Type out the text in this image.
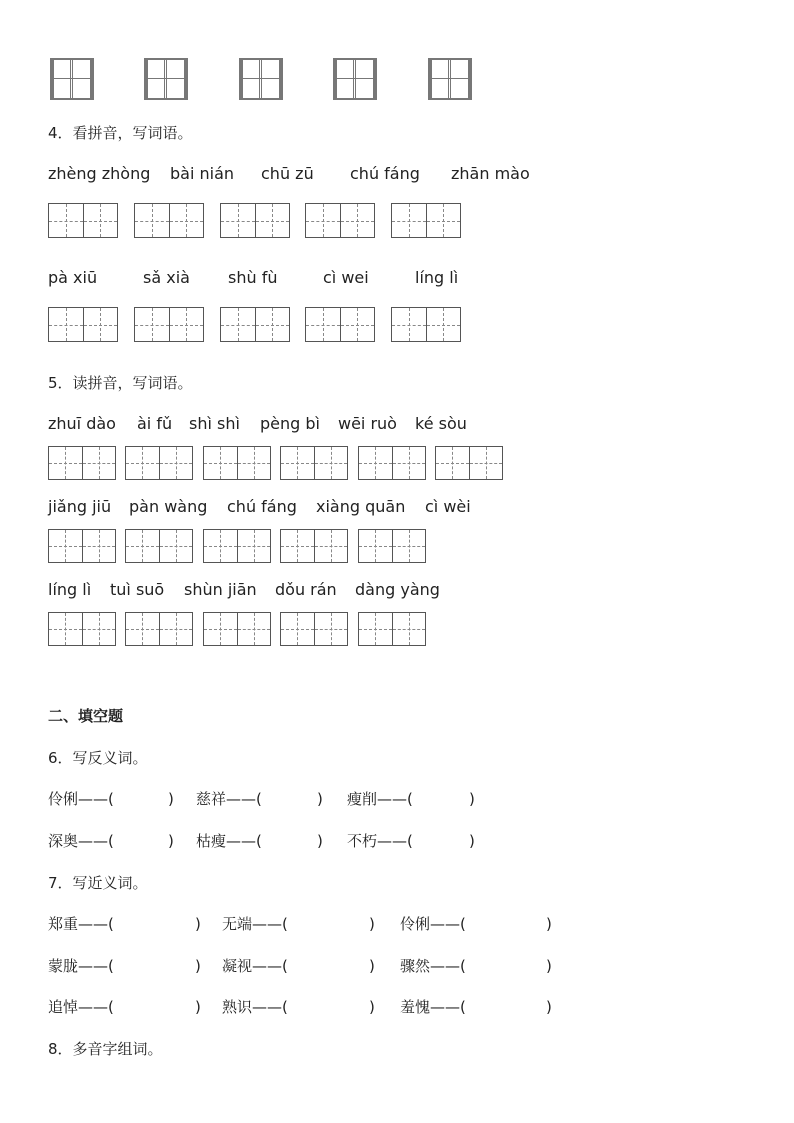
4．看拼音，写词语。
zhèng zhòng bài nián chū zū chú fáng zhān mào
pà xiū	sǎ xià shù fù	cì wei	líng lì
5．读拼音，写词语。
zhuī dào ài fǔ shì shì pèng bì wēi ruò ké sòu
jiǎng jiū pàn wàng chú fáng xiàng quān cì wèi
líng lì tuì suō shùn jiān dǒu rán dàng yàng
二、填空题
6．写反义词。
伶俐——(	) 慈祥——(	) 瘦削——(	)
深奥——(	) 枯瘦——(	) 不朽——(	)
7．写近义词。
郑重——(	) 无端——(	) 伶俐——(	)
蒙胧——(	) 凝视——(	) 骤然——(	)
追悼——(	) 熟识——(	) 羞愧——(	)
8．多音字组词。
